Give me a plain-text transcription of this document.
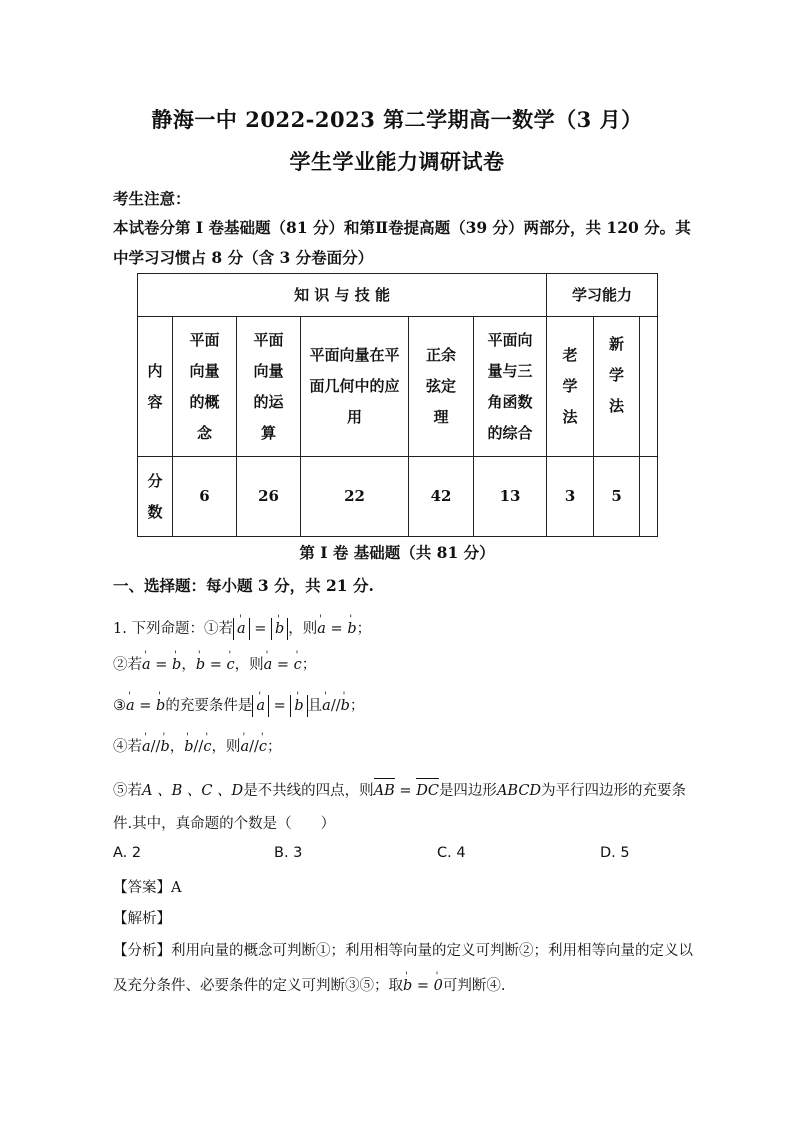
静海一中 2022-2023 第二学期高一数学（3 月）
学生学业能力调研试卷
考生注意：
本试卷分第 I 卷基础题（81 分）和第Ⅱ卷提高题（39 分）两部分，共 120 分。其
中学习习惯占 8 分（含 3 分卷面分）
知 识 与 技 能						学习能力		

内容	平面向量的概念	平面向量的运算	平面向量在平面几何中的应用	正余弦定理	平面向量与三角函数的综合	老学法	新学法	

分数	6	26	22	42	13	3	5	
第 I 卷 基础题（共 81 分）
一、选择题：每小题 3 分，共 21 分.
1. 下列命题：①若 ' a = ' b ，则' a = ' b；
②若' a = ' b，' b = ' c，则' a = ' c；
③' a = ' b的充要条件是 ' a = ' b 且' a//' b；
④若' a//' b，' b//' c，则' a//' c；
⑤若A 、B 、C 、D是不共线的四点，则AB = DC是四边形ABCD为平行四边形的充要条
件.其中，真命题的个数是（　　）
A. 2	B. 3	C. 4	D. 5
【答案】A
【解析】
【分析】利用向量的概念可判断①；利用相等向量的定义可判断②；利用相等向量的定义以
及充分条件、必要条件的定义可判断③⑤；取' b = ' 0可判断④.
